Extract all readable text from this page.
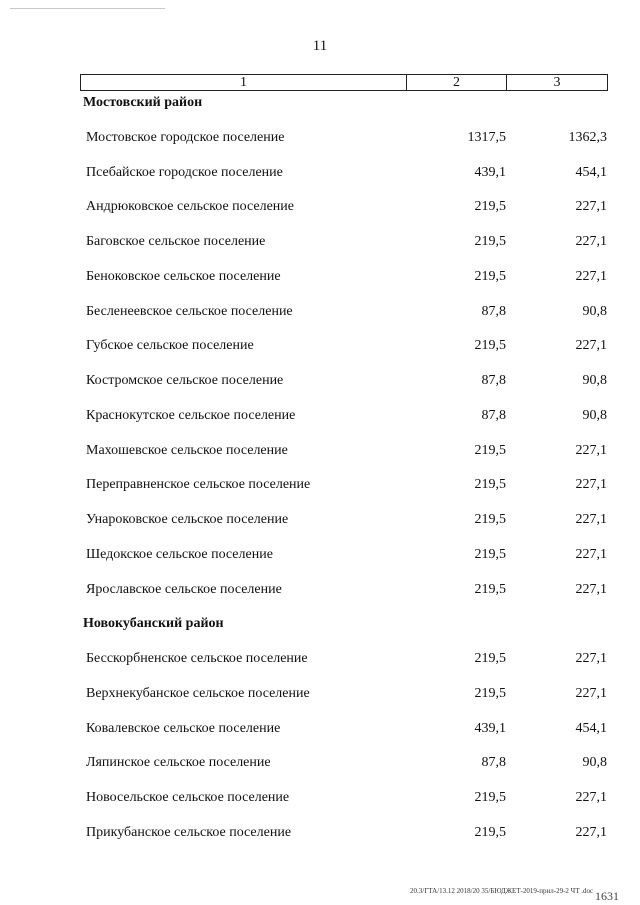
11
1	2	3
Мостовский район
Мостовское городское поселение	1317,5	1362,3
Псебайское городское поселение	439,1	454,1
Андрюковское сельское поселение	219,5	227,1
Баговское сельское поселение	219,5	227,1
Беноковское сельское поселение	219,5	227,1
Бесленеевское сельское поселение	87,8	90,8
Губское сельское поселение	219,5	227,1
Костромское сельское поселение	87,8	90,8
Краснокутское сельское поселение	87,8	90,8
Махошевское сельское поселение	219,5	227,1
Переправненское сельское поселение	219,5	227,1
Унароковское сельское поселение	219,5	227,1
Шедокское сельское поселение	219,5	227,1
Ярославское сельское поселение	219,5	227,1
Новокубанский район
Бесскорбненское сельское поселение	219,5	227,1
Верхнекубанское сельское поселение	219,5	227,1
Ковалевское сельское поселение	439,1	454,1
Ляпинское сельское поселение	87,8	90,8
Новосельское сельское поселение	219,5	227,1
Прикубанское сельское поселение	219,5	227,1
20.3/ГТА/13.12 2018/20 35/БЮДЖЕТ-2019-прил-29-2 ЧТ .doc 1631
